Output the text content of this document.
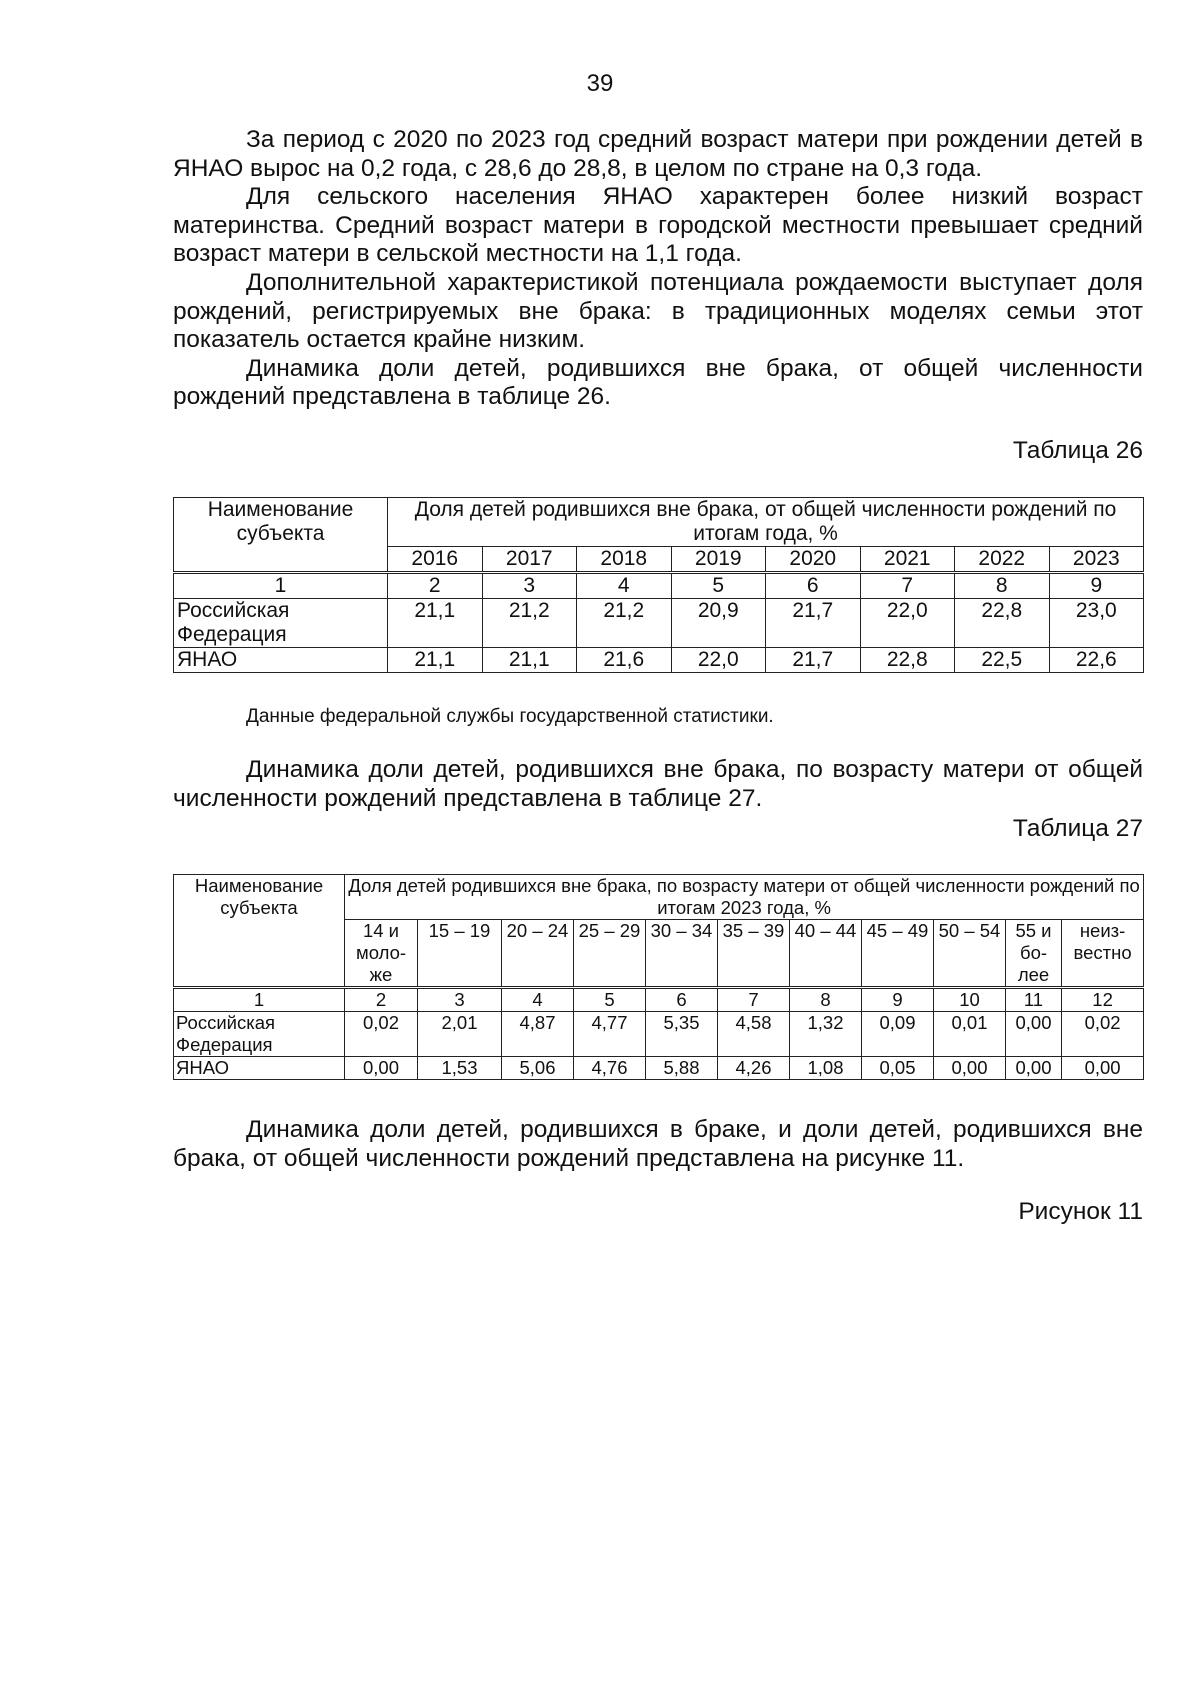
39

За период с 2020 по 2023 год средний возраст матери при рождении детей в ЯНАО вырос на 0,2 года, с 28,6 до 28,8, в целом по стране на 0,3 года.

Для сельского населения ЯНАО характерен более низкий возраст материнства. Средний возраст матери в городской местности превышает средний возраст матери в сельской местности на 1,1 года.

Дополнительной характеристикой потенциала рождаемости выступает доля рождений, регистрируемых вне брака: в традиционных моделях семьи этот показатель остается крайне низким.

Динамика доли детей, родившихся вне брака, от общей численности рождений представлена в таблице 26.

Таблица 26
Наименование субъекта	Доля детей родившихся вне брака, от общей численности рождений по итогам года, %							
	2016	2017	2018	2019	2020	2021	2022	2023
1	2	3	4	5	6	7	8	9
Российская Федерация	21,1	21,2	21,2	20,9	21,7	22,0	22,8	23,0
ЯНАО	21,1	21,1	21,6	22,0	21,7	22,8	22,5	22,6
Данные федеральной службы государственной статистики.

Динамика доли детей, родившихся вне брака, по возрасту матери от общей численности рождений представлена в таблице 27.

Таблица 27
Наименование субъекта	Доля детей родившихся вне брака, по возрасту матери от общей численности рождений по итогам 2023 года, %										
	14 и моло-же	15 – 19	20 – 24	25 – 29	30 – 34	35 – 39	40 – 44	45 – 49	50 – 54	55 и бо-лее	неиз-вестно
1	2	3	4	5	6	7	8	9	10	11	12
Российская Федерация	0,02	2,01	4,87	4,77	5,35	4,58	1,32	0,09	0,01	0,00	0,02
ЯНАО	0,00	1,53	5,06	4,76	5,88	4,26	1,08	0,05	0,00	0,00	0,00

Динамика доли детей, родившихся в браке, и доли детей, родившихся вне брака, от общей численности рождений представлена на рисунке 11.

Рисунок 11
